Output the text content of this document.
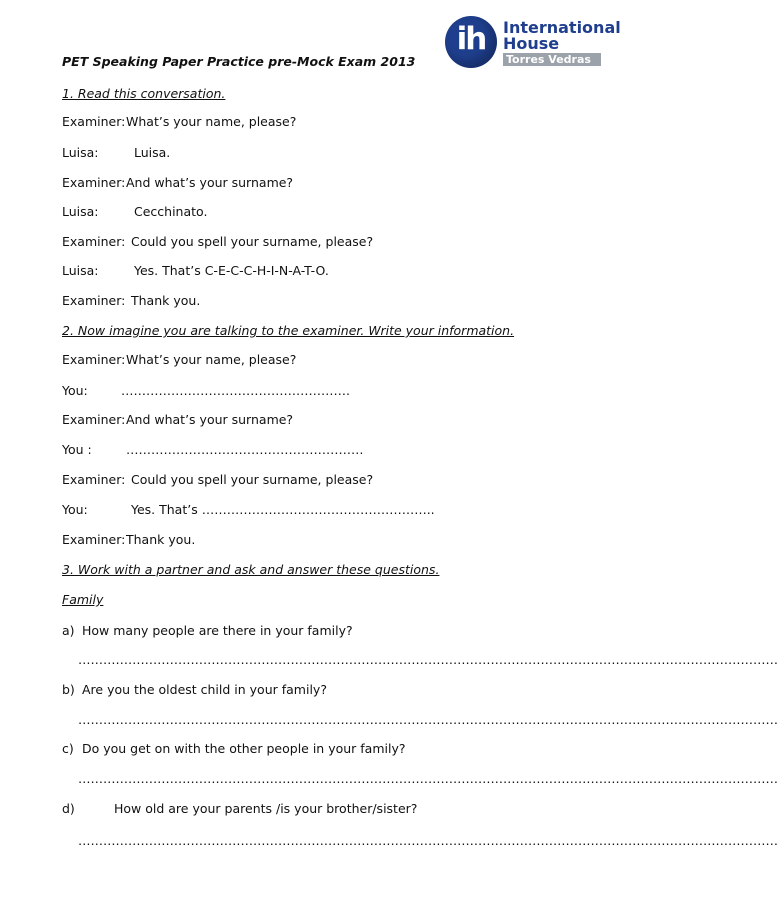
ih	International
House
Torres Vedras
PET Speaking Paper Practice pre-Mock Exam 2013
1. Read this conversation.
Examiner: What’s your name, please?
Luisa:	Luisa.
Examiner: And what’s your surname?
Luisa:	Cecchinato.
Examiner: Could you spell your surname, please?
Luisa:	Yes. That’s C-E-C-C-H-I-N-A-T-O.
Examiner: Thank you.
2. Now imagine you are talking to the examiner. Write your information.
Examiner: What’s your name, please?
You:	……………………………………………….
Examiner: And what’s your surname?
You :	…………………………………………………
Examiner: Could you spell your surname, please?
You:	Yes. That’s ………………………………………………..
Examiner: Thank you.
3. Work with a partner and ask and answer these questions.
Family
a) How many people are there in your family?
……………………………………………………………………………………………………………………………………………………
b) Are you the oldest child in your family?
……………………………………………………………………………………………………………………………………………………
c) Do you get on with the other people in your family?
……………………………………………………………………………………………………………………………………………………
d)	How old are your parents /is your brother/sister?
……………………………………………………………………………………………………………………………………………………
